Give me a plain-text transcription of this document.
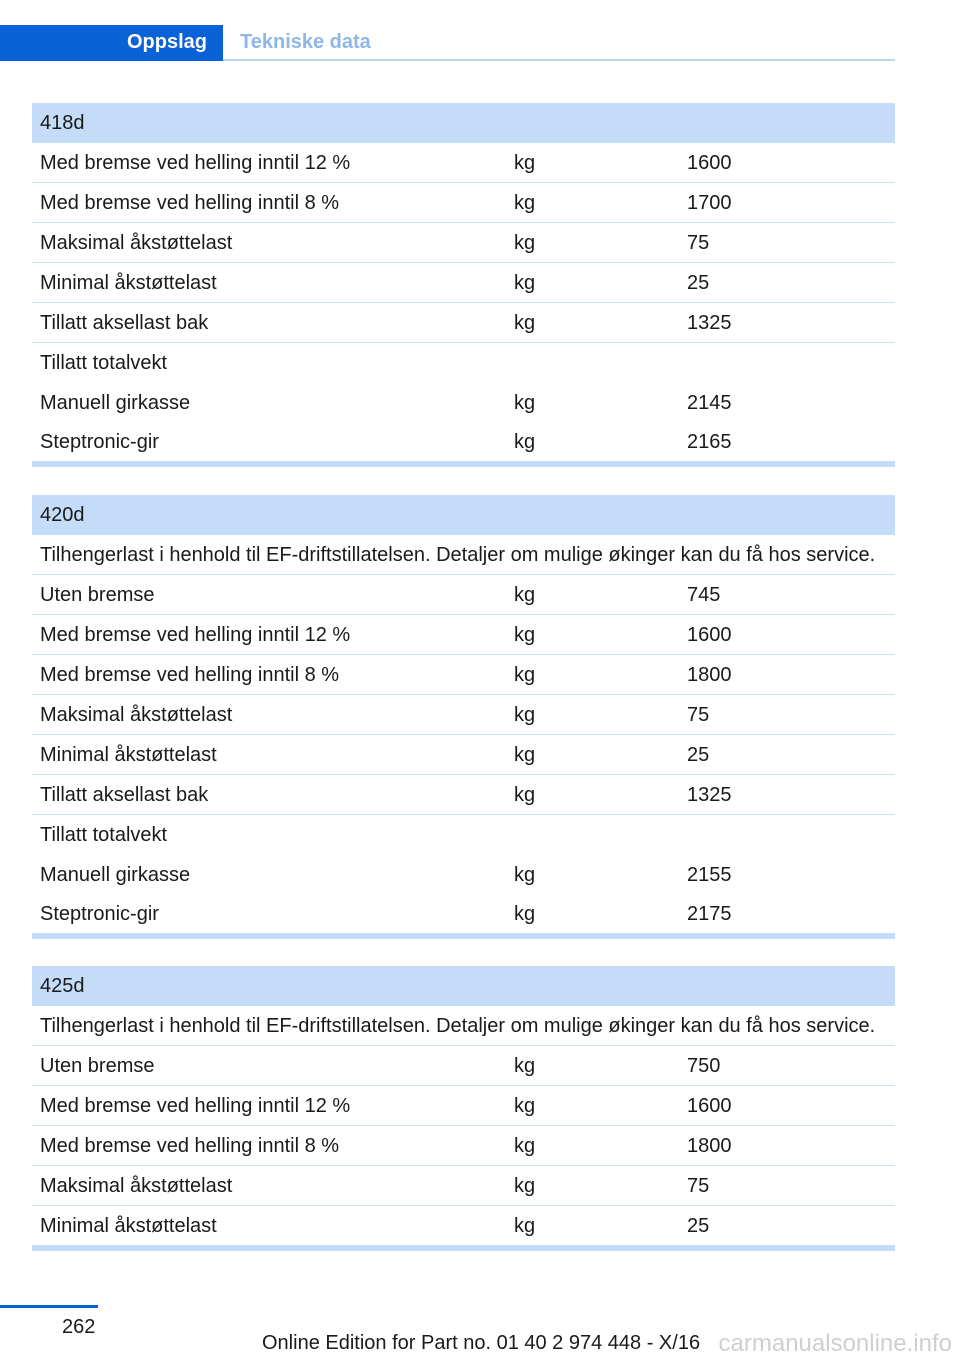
Oppslag	Tekniske data
418d
Med bremse ved helling inntil 12 %	kg	1600
Med bremse ved helling inntil 8 %	kg	1700
Maksimal åkstøttelast	kg	75
Minimal åkstøttelast	kg	25
Tillatt aksellast bak	kg	1325
Tillatt totalvekt
Manuell girkasse	kg	2145
Steptronic-gir	kg	2165
420d
Tilhengerlast i henhold til EF-driftstillatelsen. Detaljer om mulige økinger kan du få hos service.
Uten bremse	kg	745
Med bremse ved helling inntil 12 %	kg	1600
Med bremse ved helling inntil 8 %	kg	1800
Maksimal åkstøttelast	kg	75
Minimal åkstøttelast	kg	25
Tillatt aksellast bak	kg	1325
Tillatt totalvekt
Manuell girkasse	kg	2155
Steptronic-gir	kg	2175
425d
Tilhengerlast i henhold til EF-driftstillatelsen. Detaljer om mulige økinger kan du få hos service.
Uten bremse	kg	750
Med bremse ved helling inntil 12 %	kg	1600
Med bremse ved helling inntil 8 %	kg	1800
Maksimal åkstøttelast	kg	75
Minimal åkstøttelast	kg	25
262
Online Edition for Part no. 01 40 2 974 448 - X/16 carmanualsonline.info
